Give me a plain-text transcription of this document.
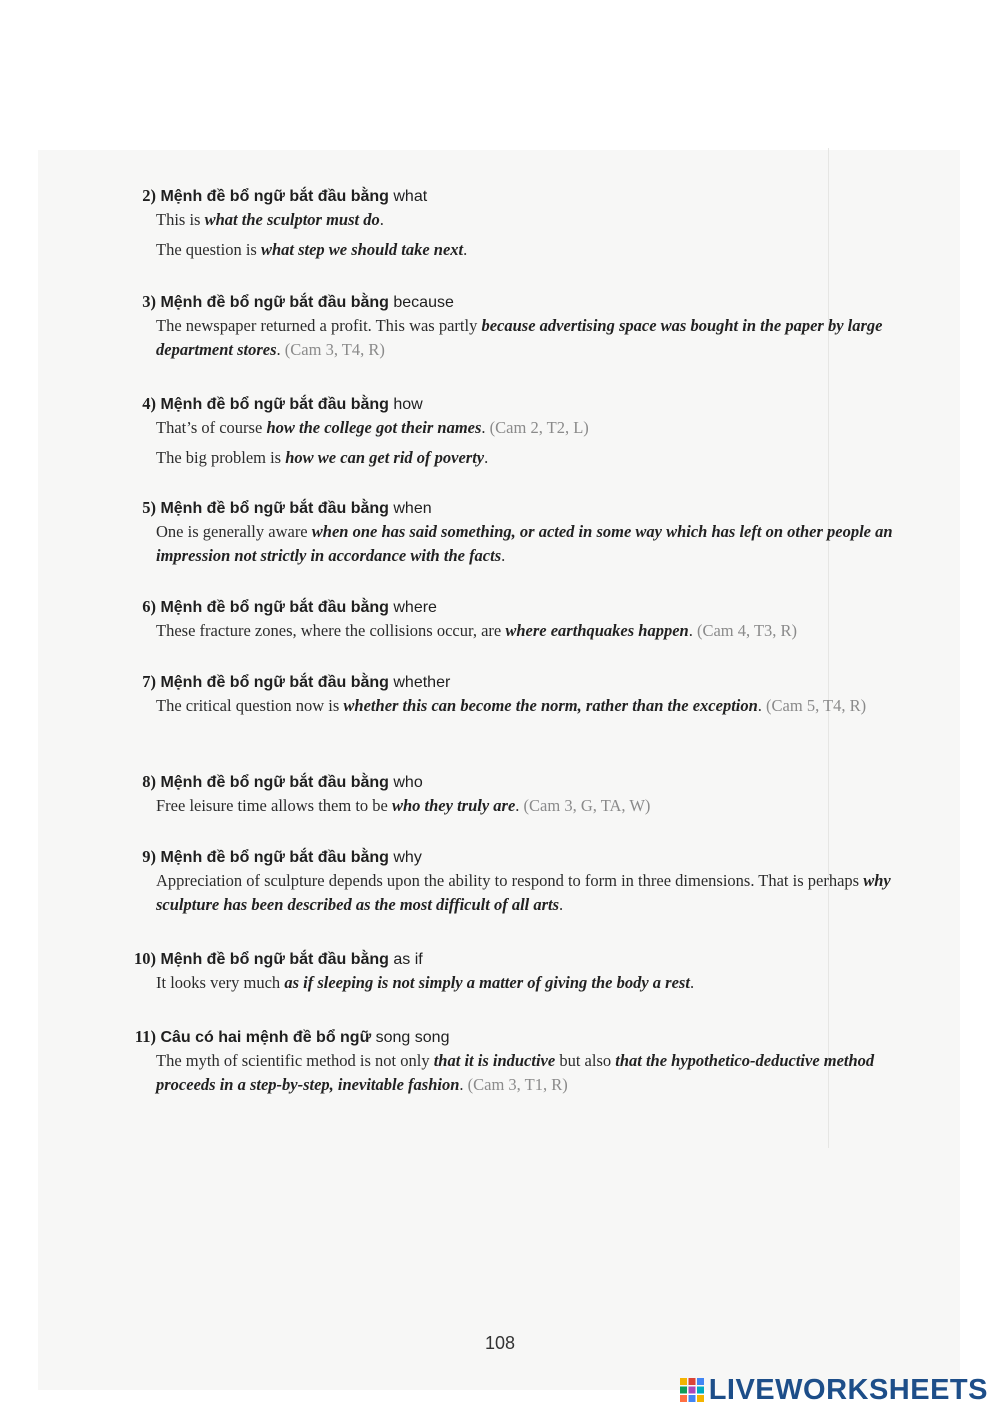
2) Mệnh đề bổ ngữ bắt đầu bằng what

This is what the sculptor must do.

The question is what step we should take next.

3) Mệnh đề bổ ngữ bắt đầu bằng because

The newspaper returned a profit. This was partly because advertising space was bought in the paper by large department stores. (Cam 3, T4, R)

4) Mệnh đề bổ ngữ bắt đầu bằng how

That’s of course how the college got their names. (Cam 2, T2, L)

The big problem is how we can get rid of poverty.

5) Mệnh đề bổ ngữ bắt đầu bằng when

One is generally aware when one has said something, or acted in some way which has left on other people an impression not strictly in accordance with the facts.

6) Mệnh đề bổ ngữ bắt đầu bằng where

These fracture zones, where the collisions occur, are where earthquakes happen. (Cam 4, T3, R)

7) Mệnh đề bổ ngữ bắt đầu bằng whether

The critical question now is whether this can become the norm, rather than the exception. (Cam 5, T4, R)

8) Mệnh đề bổ ngữ bắt đầu bằng who

Free leisure time allows them to be who they truly are. (Cam 3, G, TA, W)

9) Mệnh đề bổ ngữ bắt đầu bằng why

Appreciation of sculpture depends upon the ability to respond to form in three dimensions. That is perhaps why sculpture has been described as the most difficult of all arts.

10) Mệnh đề bổ ngữ bắt đầu bằng as if

It looks very much as if sleeping is not simply a matter of giving the body a rest.

11) Câu có hai mệnh đề bổ ngữ song song

The myth of scientific method is not only that it is inductive but also that the hypothetico-deductive method proceeds in a step-by-step, inevitable fashion. (Cam 3, T1, R)

108
LIVEWORKSHEETS
